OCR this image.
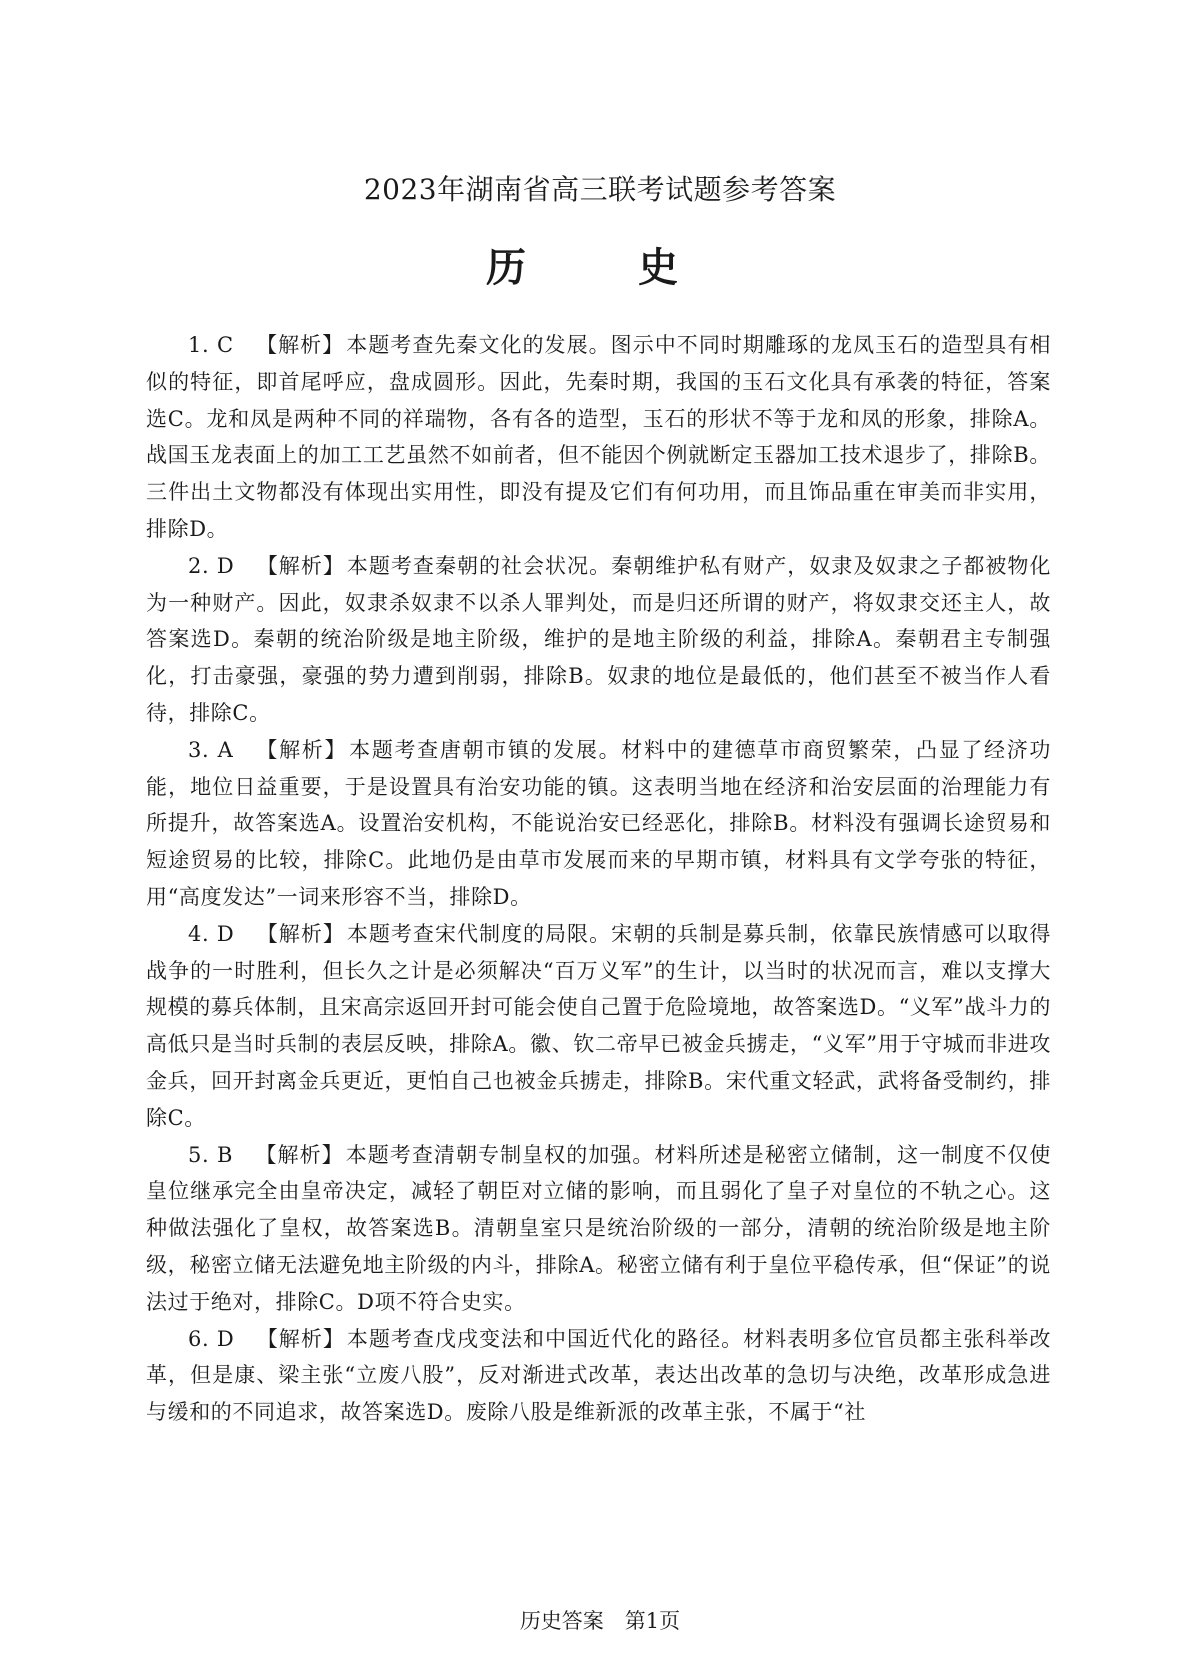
2023年湖南省高三联考试题参考答案
历　史

1. C 【解析】本题考查先秦文化的发展。图示中不同时期雕琢的龙凤玉石的造型具有相似的特征，即首尾呼应，盘成圆形。因此，先秦时期，我国的玉石文化具有承袭的特征，答案选C。龙和凤是两种不同的祥瑞物，各有各的造型，玉石的形状不等于龙和凤的形象，排除A。战国玉龙表面上的加工工艺虽然不如前者，但不能因个例就断定玉器加工技术退步了，排除B。三件出土文物都没有体现出实用性，即没有提及它们有何功用，而且饰品重在审美而非实用，排除D。

2. D 【解析】本题考查秦朝的社会状况。秦朝维护私有财产，奴隶及奴隶之子都被物化为一种财产。因此，奴隶杀奴隶不以杀人罪判处，而是归还所谓的财产，将奴隶交还主人，故答案选D。秦朝的统治阶级是地主阶级，维护的是地主阶级的利益，排除A。秦朝君主专制强化，打击豪强，豪强的势力遭到削弱，排除B。奴隶的地位是最低的，他们甚至不被当作人看待，排除C。

3. A 【解析】本题考查唐朝市镇的发展。材料中的建德草市商贸繁荣，凸显了经济功能，地位日益重要，于是设置具有治安功能的镇。这表明当地在经济和治安层面的治理能力有所提升，故答案选A。设置治安机构，不能说治安已经恶化，排除B。材料没有强调长途贸易和短途贸易的比较，排除C。此地仍是由草市发展而来的早期市镇，材料具有文学夸张的特征，用“高度发达”一词来形容不当，排除D。

4. D 【解析】本题考查宋代制度的局限。宋朝的兵制是募兵制，依靠民族情感可以取得战争的一时胜利，但长久之计是必须解决“百万义军”的生计，以当时的状况而言，难以支撑大规模的募兵体制，且宋高宗返回开封可能会使自己置于危险境地，故答案选D。“义军”战斗力的高低只是当时兵制的表层反映，排除A。徽、钦二帝早已被金兵掳走，“义军”用于守城而非进攻金兵，回开封离金兵更近，更怕自己也被金兵掳走，排除B。宋代重文轻武，武将备受制约，排除C。

5. B 【解析】本题考查清朝专制皇权的加强。材料所述是秘密立储制，这一制度不仅使皇位继承完全由皇帝决定，减轻了朝臣对立储的影响，而且弱化了皇子对皇位的不轨之心。这种做法强化了皇权，故答案选B。清朝皇室只是统治阶级的一部分，清朝的统治阶级是地主阶级，秘密立储无法避免地主阶级的内斗，排除A。秘密立储有利于皇位平稳传承，但“保证”的说法过于绝对，排除C。D项不符合史实。

6. D 【解析】本题考查戊戌变法和中国近代化的路径。材料表明多位官员都主张科举改革，但是康、梁主张“立废八股”，反对渐进式改革，表达出改革的急切与决绝，改革形成急进与缓和的不同追求，故答案选D。废除八股是维新派的改革主张，不属于“社

历史答案　第1页
